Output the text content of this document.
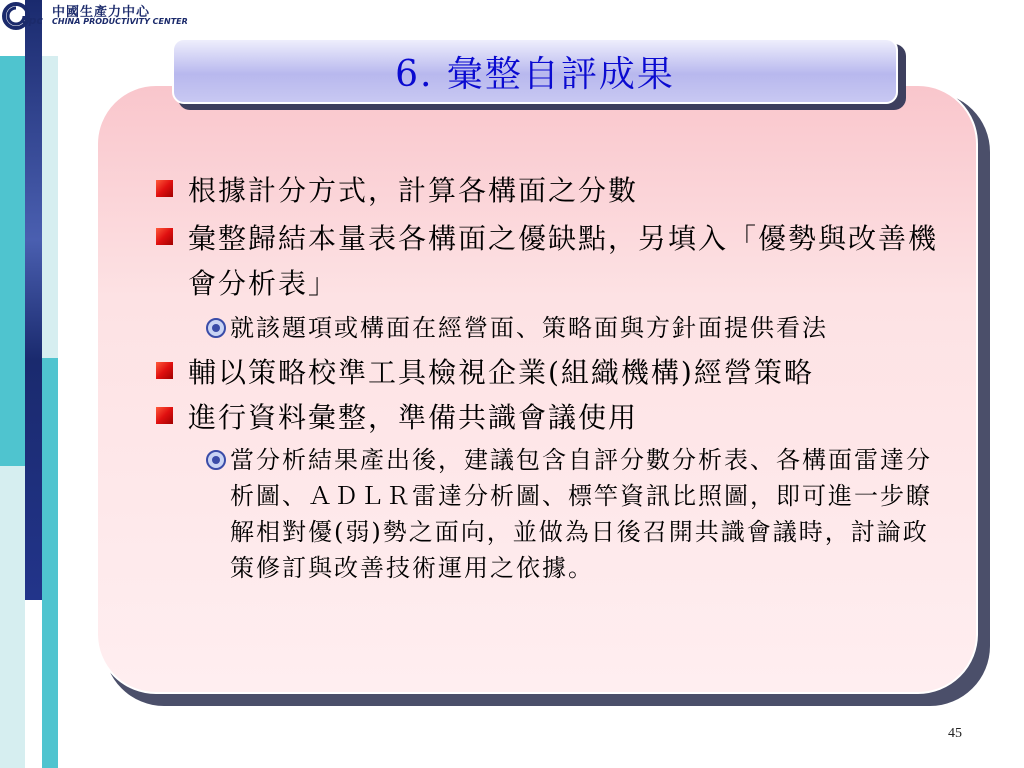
cpc
中國生產力中心
CHINA PRODUCTIVITY CENTER
6. 彙整自評成果
根據計分方式，計算各構面之分數
彙整歸結本量表各構面之優缺點，另填入「優勢與改善機會分析表」
就該題項或構面在經營面、策略面與方針面提供看法
輔以策略校準工具檢視企業(組織機構)經營策略
進行資料彙整，準備共識會議使用
當分析結果產出後，建議包含自評分數分析表、各構面雷達分析圖、ＡＤＬＲ雷達分析圖、標竿資訊比照圖，即可進一步瞭解相對優(弱)勢之面向，並做為日後召開共識會議時，討論政策修訂與改善技術運用之依據。
45
